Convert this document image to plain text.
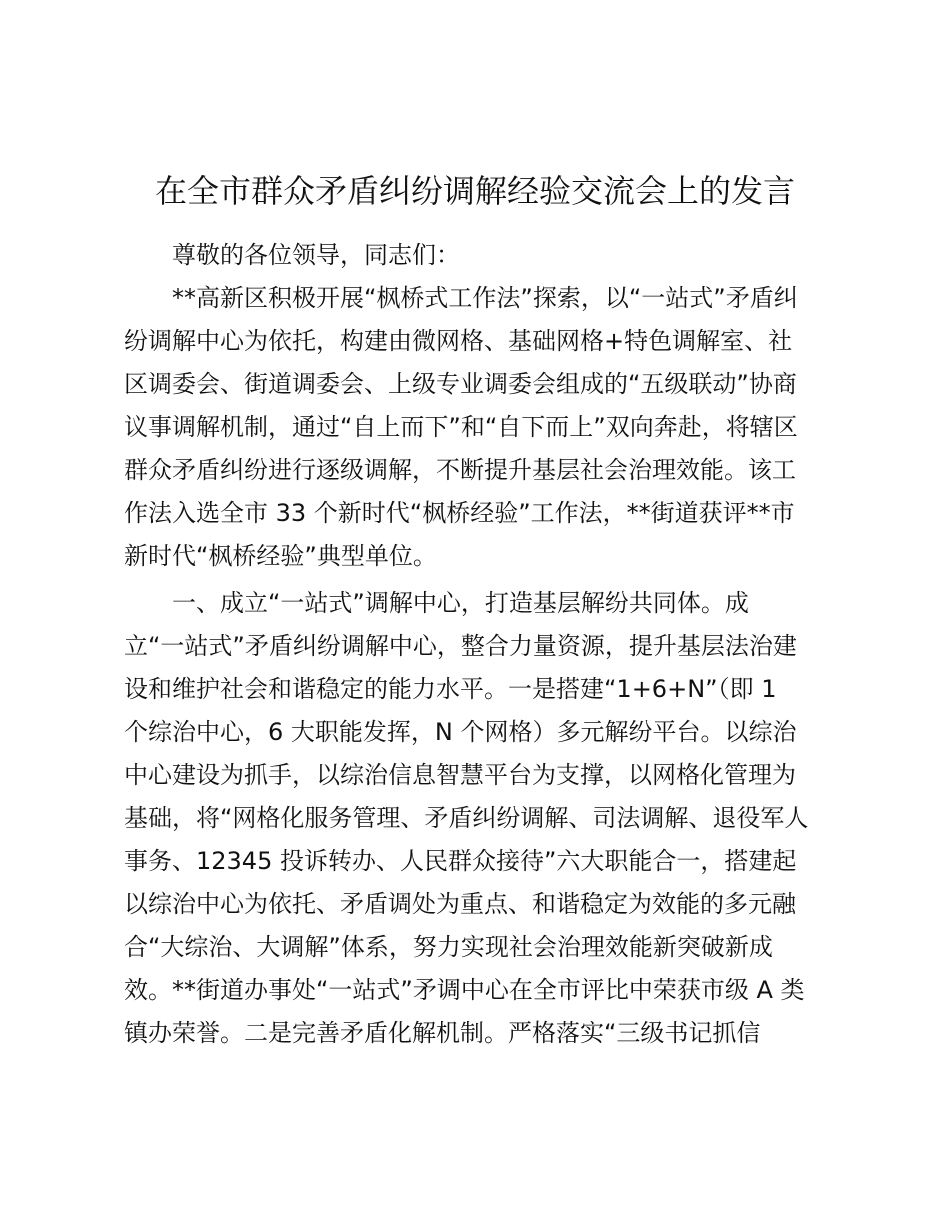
在全市群众矛盾纠纷调解经验交流会上的发言
尊敬的各位领导，同志们：
**高新区积极开展“枫桥式工作法”探索，以“一站式”矛盾纠
纷调解中心为依托，构建由微网格、基础网格+特色调解室、社
区调委会、街道调委会、上级专业调委会组成的“五级联动”协商
议事调解机制，通过“自上而下”和“自下而上”双向奔赴，将辖区
群众矛盾纠纷进行逐级调解，不断提升基层社会治理效能。该工
作法入选全市 33 个新时代“枫桥经验”工作法，**街道获评**市
新时代“枫桥经验”典型单位。
一、成立“一站式”调解中心，打造基层解纷共同体。成
立“一站式”矛盾纠纷调解中心，整合力量资源，提升基层法治建
设和维护社会和谐稳定的能力水平。一是搭建“1+6+N”（即 1
个综治中心，6 大职能发挥，N 个网格）多元解纷平台。以综治
中心建设为抓手，以综治信息智慧平台为支撑，以网格化管理为
基础，将“网格化服务管理、矛盾纠纷调解、司法调解、退役军人
事务、12345 投诉转办、人民群众接待”六大职能合一，搭建起
以综治中心为依托、矛盾调处为重点、和谐稳定为效能的多元融
合“大综治、大调解”体系，努力实现社会治理效能新突破新成
效。**街道办事处“一站式”矛调中心在全市评比中荣获市级 A 类
镇办荣誉。二是完善矛盾化解机制。严格落实“三级书记抓信
